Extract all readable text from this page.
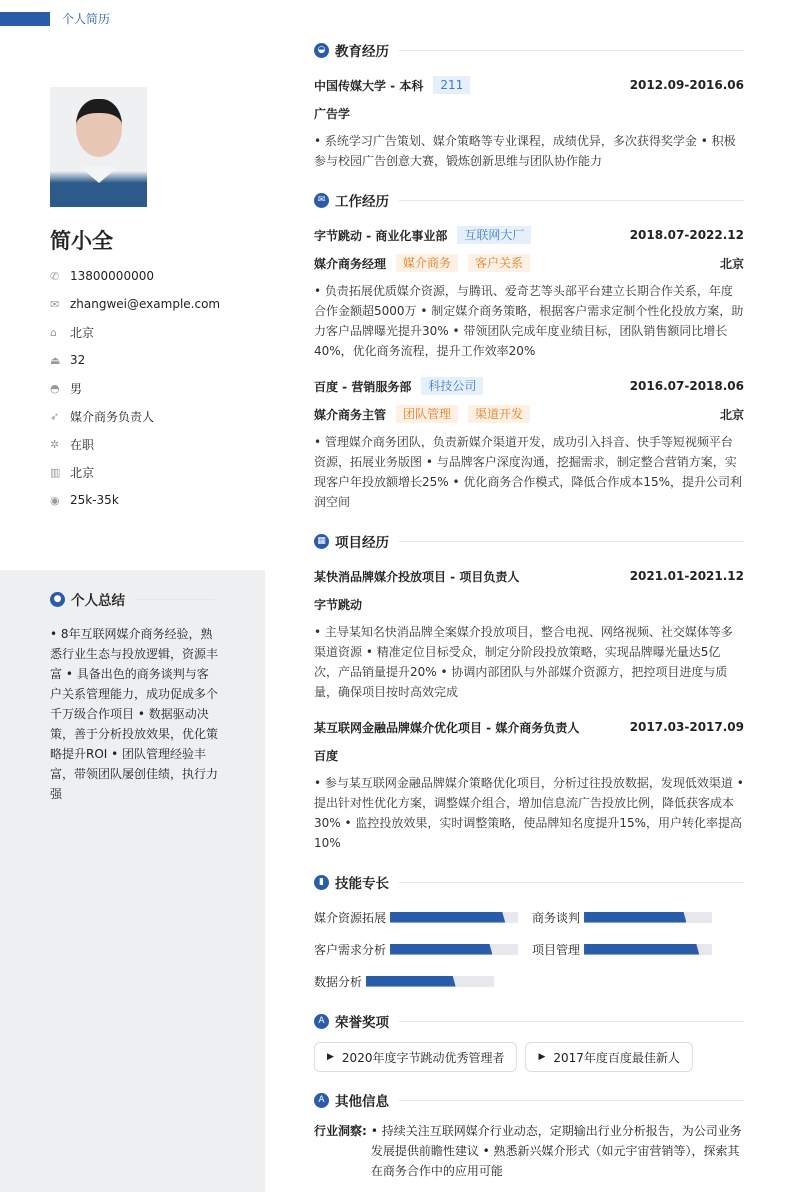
个人简历
简小全
✆ 13800000000
✉ zhangwei@example.com
⌂	北京
⏏ 32
◓ 男
➶ 媒介商务负责人
✲ 在职
▥ 北京
◉ 25k-35k
● 个人总结
• 8年互联网媒介商务经验，熟悉行业生态与投放逻辑，资源丰富 • 具备出色的商务谈判与客户关系管理能力，成功促成多个千万级合作项目 • 数据驱动决策，善于分析投放效果，优化策略提升ROI • 团队管理经验丰富，带领团队屡创佳绩，执行力强
◒ 教育经历
中国传媒大学 - 本科	211	2012.09-2016.06
广告学
• 系统学习广告策划、媒介策略等专业课程，成绩优异，多次获得奖学金 • 积极参与校园广告创意大赛，锻炼创新思维与团队协作能力
✉ 工作经历
字节跳动 - 商业化事业部	互联网大厂	2018.07-2022.12
媒介商务经理	媒介商务	客户关系	北京
• 负责拓展优质媒介资源，与腾讯、爱奇艺等头部平台建立长期合作关系，年度合作金额超5000万 • 制定媒介商务策略，根据客户需求定制个性化投放方案，助力客户品牌曝光提升30% • 带领团队完成年度业绩目标，团队销售额同比增长40%，优化商务流程，提升工作效率20%
百度 - 营销服务部	科技公司	2016.07-2018.06
媒介商务主管	团队管理	渠道开发	北京
• 管理媒介商务团队，负责新媒介渠道开发，成功引入抖音、快手等短视频平台资源，拓展业务版图 • 与品牌客户深度沟通，挖掘需求，制定整合营销方案，实现客户年投放额增长25% • 优化商务合作模式，降低合作成本15%，提升公司利润空间
▦ 项目经历
某快消品牌媒介投放项目 - 项目负责人	2021.01-2021.12
字节跳动
• 主导某知名快消品牌全案媒介投放项目，整合电视、网络视频、社交媒体等多渠道资源 • 精准定位目标受众，制定分阶段投放策略，实现品牌曝光量达5亿次，产品销量提升20% • 协调内部团队与外部媒介资源方，把控项目进度与质量，确保项目按时高效完成
某互联网金融品牌媒介优化项目 - 媒介商务负责人	2017.03-2017.09
百度
• 参与某互联网金融品牌媒介策略优化项目，分析过往投放数据，发现低效渠道 • 提出针对性优化方案，调整媒介组合，增加信息流广告投放比例，降低获客成本30% • 监控投放效果，实时调整策略，使品牌知名度提升15%，用户转化率提高10%
▮ 技能专长
媒介资源拓展	商务谈判
客户需求分析	项目管理
数据分析
A 荣誉奖项
▶ 2020年度字节跳动优秀管理者	▶ 2017年度百度最佳新人
A 其他信息
行业洞察: • 持续关注互联网媒介行业动态，定期输出行业分析报告，为公司业务发展提供前瞻性建议 • 熟悉新兴媒介形式（如元宇宙营销等），探索其在商务合作中的应用可能
